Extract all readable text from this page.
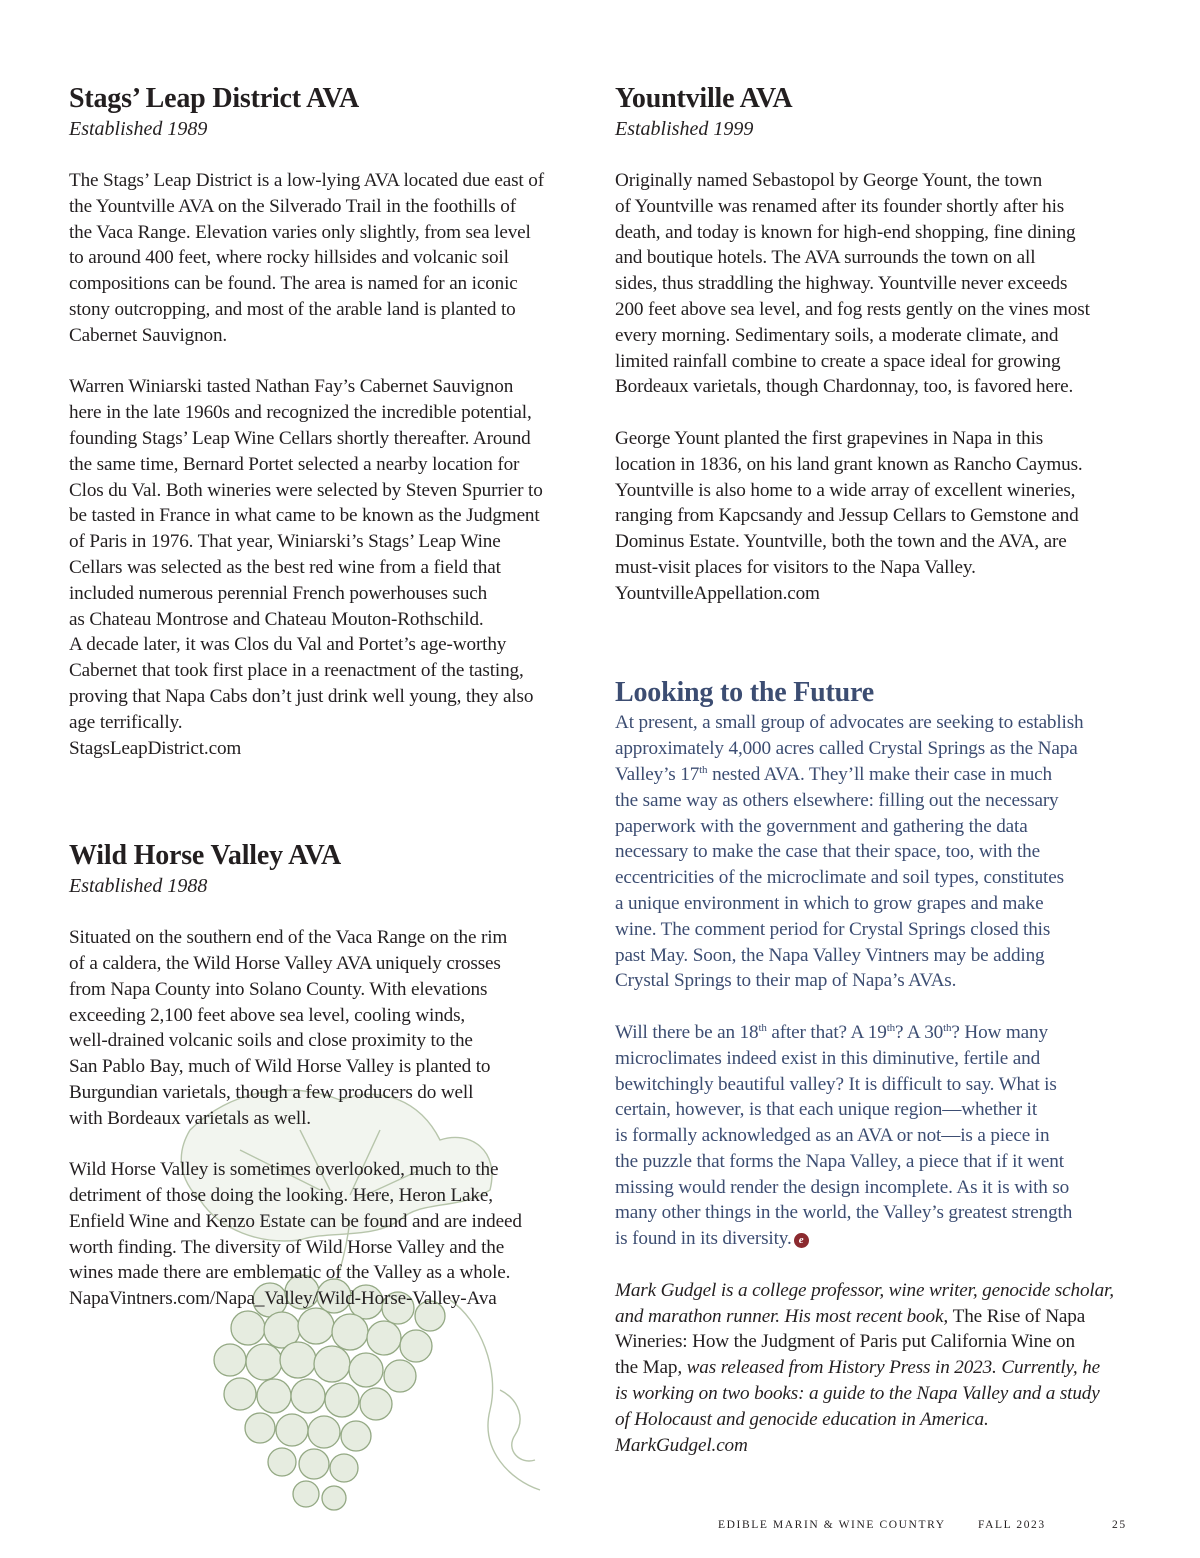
Stags’ Leap District AVA

Established 1989

The Stags’ Leap District is a low-lying AVA located due east of
the Yountville AVA on the Silverado Trail in the foothills of
the Vaca Range. Elevation varies only slightly, from sea level
to around 400 feet, where rocky hillsides and volcanic soil
compositions can be found. The area is named for an iconic
stony outcropping, and most of the arable land is planted to
Cabernet Sauvignon.

Warren Winiarski tasted Nathan Fay’s Cabernet Sauvignon
here in the late 1960s and recognized the incredible potential,
founding Stags’ Leap Wine Cellars shortly thereafter. Around
the same time, Bernard Portet selected a nearby location for
Clos du Val. Both wineries were selected by Steven Spurrier to
be tasted in France in what came to be known as the Judgment
of Paris in 1976. That year, Winiarski’s Stags’ Leap Wine
Cellars was selected as the best red wine from a field that
included numerous perennial French powerhouses such
as Chateau Montrose and Chateau Mouton-Rothschild.
A decade later, it was Clos du Val and Portet’s age-worthy
Cabernet that took first place in a reenactment of the tasting,
proving that Napa Cabs don’t just drink well young, they also
age terrifically.
StagsLeapDistrict.com

Wild Horse Valley AVA

Established 1988

Situated on the southern end of the Vaca Range on the rim
of a caldera, the Wild Horse Valley AVA uniquely crosses
from Napa County into Solano County. With elevations
exceeding 2,100 feet above sea level, cooling winds,
well-drained volcanic soils and close proximity to the
San Pablo Bay, much of Wild Horse Valley is planted to
Burgundian varietals, though a few producers do well
with Bordeaux varietals as well.

Wild Horse Valley is sometimes overlooked, much to the
detriment of those doing the looking. Here, Heron Lake,
Enfield Wine and Kenzo Estate can be found and are indeed
worth finding. The diversity of Wild Horse Valley and the
wines made there are emblematic of the Valley as a whole.
NapaVintners.com/Napa_Valley/Wild-Horse-Valley-Ava

Yountville AVA

Established 1999

Originally named Sebastopol by George Yount, the town
of Yountville was renamed after its founder shortly after his
death, and today is known for high-end shopping, fine dining
and boutique hotels. The AVA surrounds the town on all
sides, thus straddling the highway. Yountville never exceeds
200 feet above sea level, and fog rests gently on the vines most
every morning. Sedimentary soils, a moderate climate, and
limited rainfall combine to create a space ideal for growing
Bordeaux varietals, though Chardonnay, too, is favored here.

George Yount planted the first grapevines in Napa in this
location in 1836, on his land grant known as Rancho Caymus.
Yountville is also home to a wide array of excellent wineries,
ranging from Kapcsandy and Jessup Cellars to Gemstone and
Dominus Estate. Yountville, both the town and the AVA, are
must-visit places for visitors to the Napa Valley.
YountvilleAppellation.com

Looking to the Future

At present, a small group of advocates are seeking to establish
approximately 4,000 acres called Crystal Springs as the Napa
Valley’s 17th nested AVA. They’ll make their case in much
the same way as others elsewhere: filling out the necessary
paperwork with the government and gathering the data
necessary to make the case that their space, too, with the
eccentricities of the microclimate and soil types, constitutes
a unique environment in which to grow grapes and make
wine. The comment period for Crystal Springs closed this
past May. Soon, the Napa Valley Vintners may be adding
Crystal Springs to their map of Napa’s AVAs.

Will there be an 18th after that? A 19th? A 30th? How many
microclimates indeed exist in this diminutive, fertile and
bewitchingly beautiful valley? It is difficult to say. What is
certain, however, is that each unique region—whether it
is formally acknowledged as an AVA or not—is a piece in
the puzzle that forms the Napa Valley, a piece that if it went
missing would render the design incomplete. As it is with so
many other things in the world, the Valley’s greatest strength
is found in its diversity. e

Mark Gudgel is a college professor, wine writer, genocide scholar,
and marathon runner. His most recent book, The Rise of Napa
Wineries: How the Judgment of Paris put California Wine on
the Map, was released from History Press in 2023. Currently, he
is working on two books: a guide to the Napa Valley and a study
of Holocaust and genocide education in America.
MarkGudgel.com

EDIBLE MARIN & WINE COUNTRY	FALL 2023	25
